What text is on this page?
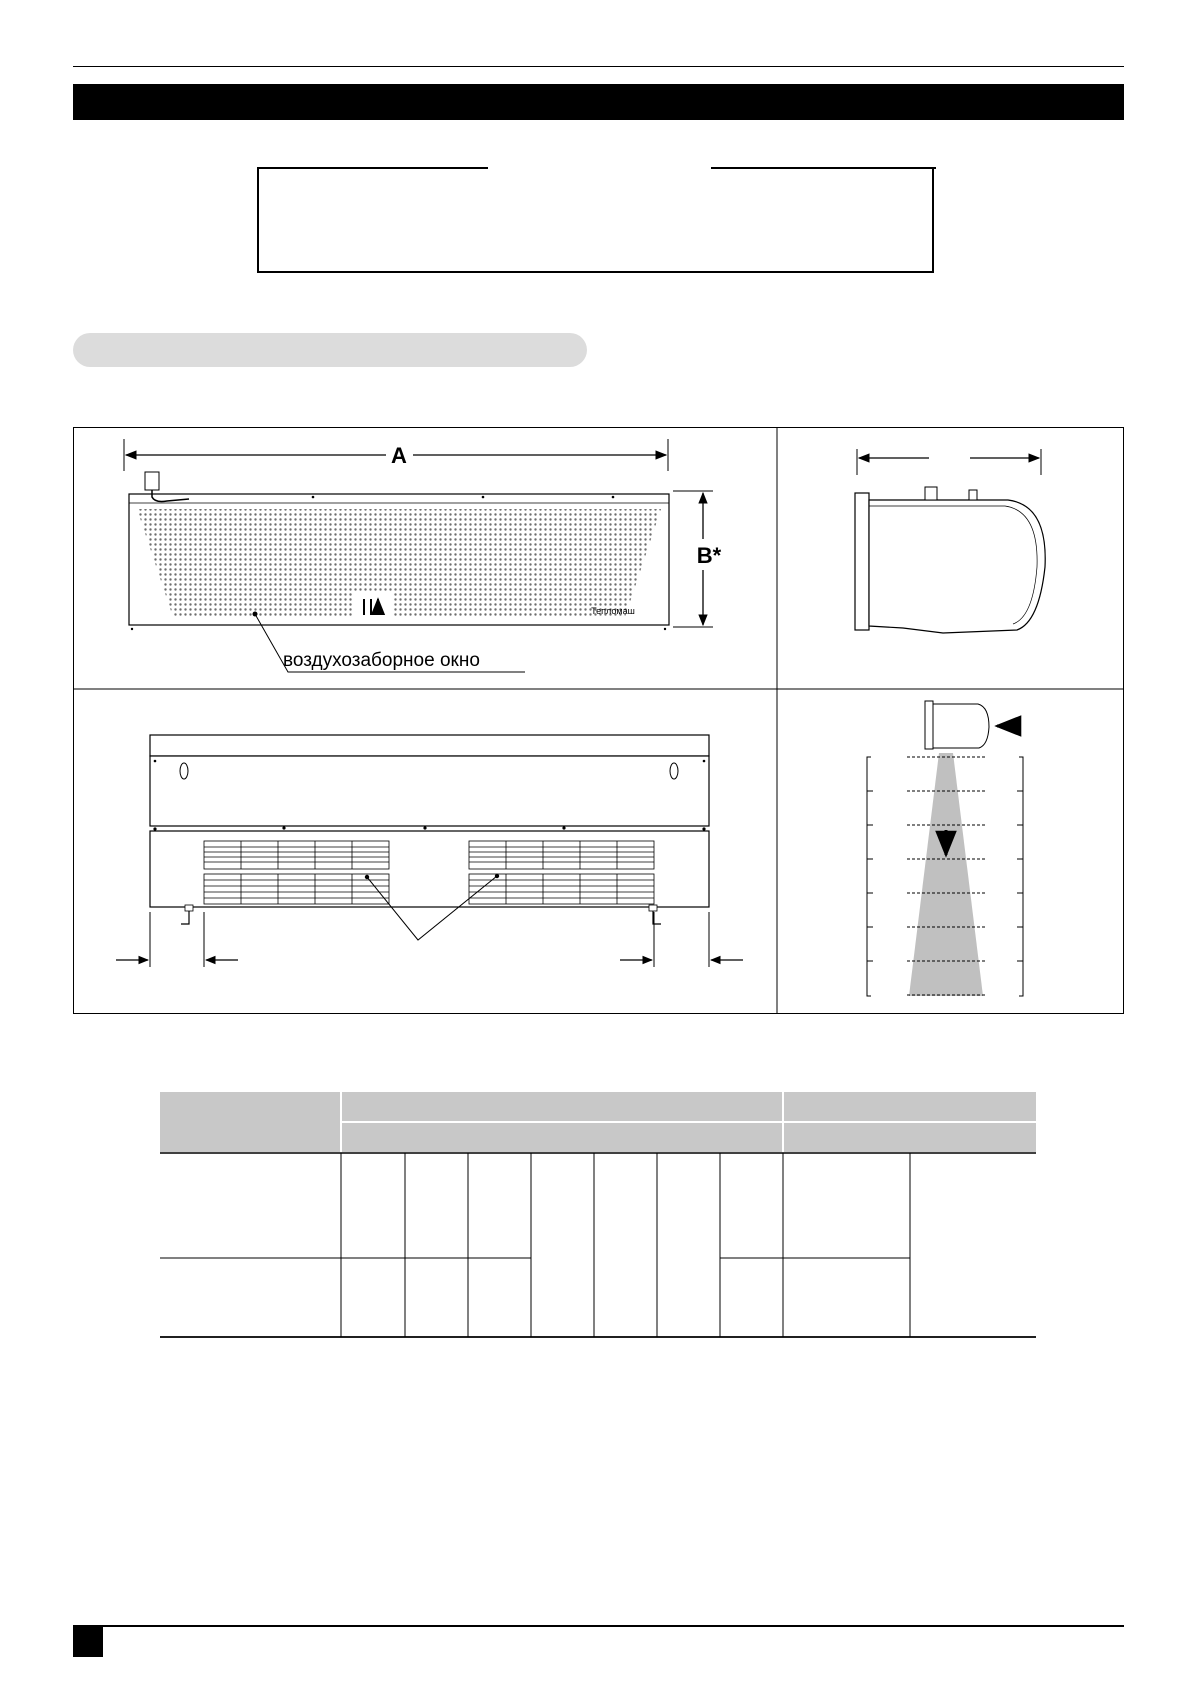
A
Тепломаш
B*
воздухозаборное окно
